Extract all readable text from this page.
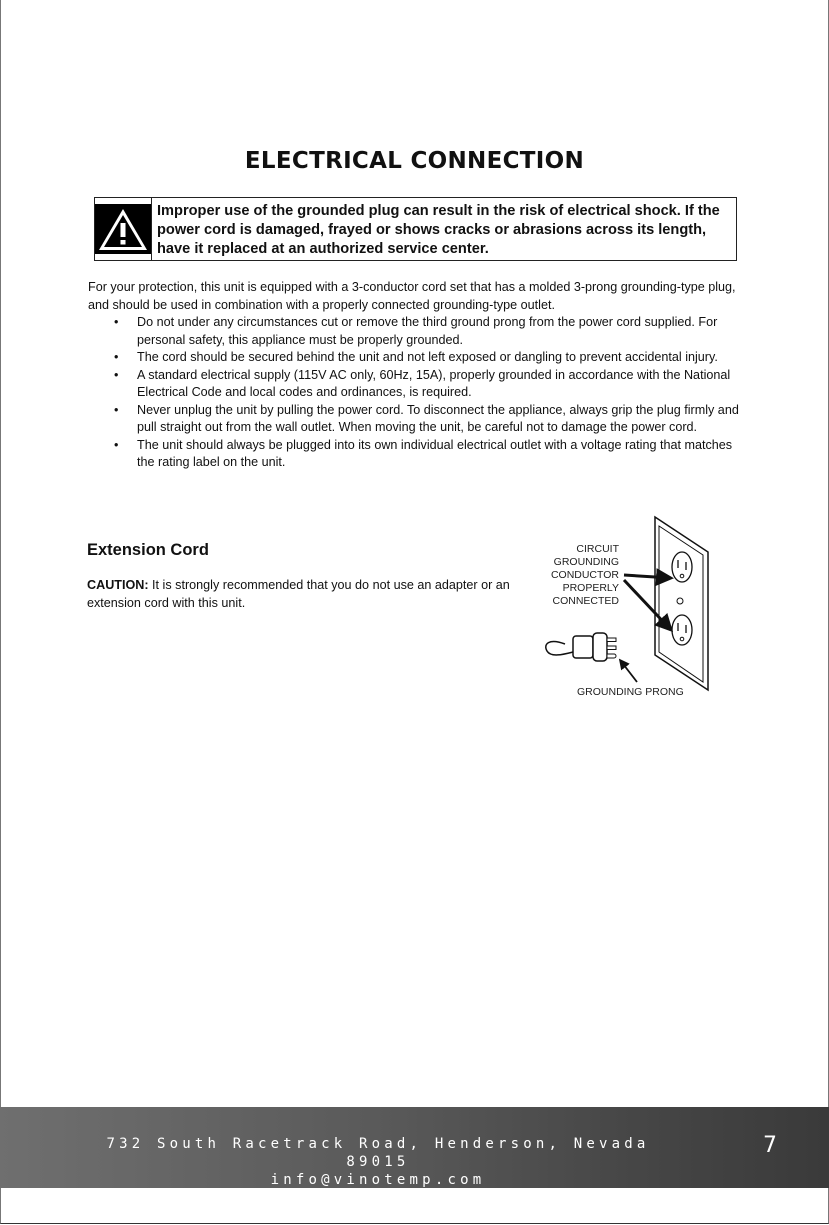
ELECTRICAL CONNECTION
Improper use of the grounded plug can result in the risk of electrical shock. If the power cord is damaged, frayed or shows cracks or abrasions across its length, have it replaced at an authorized service center.
For your protection, this unit is equipped with a 3-conductor cord set that has a molded 3-prong grounding-type plug, and should be used in combination with a properly connected grounding-type outlet.
• Do not under any circumstances cut or remove the third ground prong from the power cord supplied. For personal safety, this appliance must be properly grounded.
• The cord should be secured behind the unit and not left exposed or dangling to prevent accidental injury.
• A standard electrical supply (115V AC only, 60Hz, 15A), properly grounded in accordance with the National Electrical Code and local codes and ordinances, is required.
• Never unplug the unit by pulling the power cord. To disconnect the appliance, always grip the plug firmly and pull straight out from the wall outlet. When moving the unit, be careful not to damage the power cord.
• The unit should always be plugged into its own individual electrical outlet with a voltage rating that matches the rating label on the unit.
Extension Cord
CAUTION: It is strongly recommended that you do not use an adapter or an extension cord with this unit.
CIRCUIT
GROUNDING
CONDUCTOR
PROPERLY
CONNECTED
GROUNDING PRONG
732 South Racetrack Road, Henderson, Nevada 89015
info@vinotemp.com
7
